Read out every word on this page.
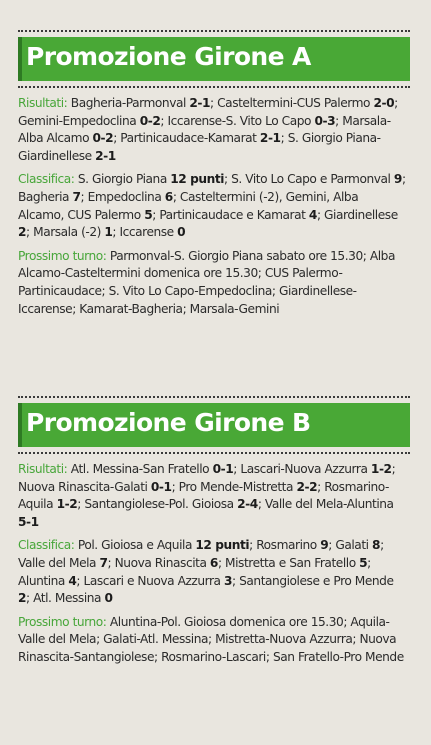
Promozione Girone A

Risultati: Bagheria-Parmonval 2-1; Casteltermini-CUS Palermo 2-0; Gemini-Empedoclina 0-2; Iccarense-S. Vito Lo Capo 0-3; Marsala-Alba Alcamo 0-2; Partinicaudace-Kamarat 2-1; S. Giorgio Piana-Giardinellese 2-1

Classifica: S. Giorgio Piana 12 punti; S. Vito Lo Capo e Parmonval 9; Bagheria 7; Empedoclina 6; Casteltermini (-2), Gemini, Alba Alcamo, CUS Palermo 5; Partinicaudace e Kamarat 4; Giardinellese 2; Marsala (-2) 1; Iccarense 0

Prossimo turno: Parmonval-S. Giorgio Piana sabato ore 15.30; Alba Alcamo-Casteltermini domenica ore 15.30; CUS Palermo-Partinicaudace; S. Vito Lo Capo-Empedoclina; Giardinellese-Iccarense; Kamarat-Bagheria; Marsala-Gemini

Promozione Girone B

Risultati: Atl. Messina-San Fratello 0-1; Lascari-Nuova Azzurra 1-2; Nuova Rinascita-Galati 0-1; Pro Mende-Mistretta 2-2; Rosmarino-Aquila 1-2; Santangiolese-Pol. Gioiosa 2-4; Valle del Mela-Aluntina 5-1

Classifica: Pol. Gioiosa e Aquila 12 punti; Rosmarino 9; Galati 8; Valle del Mela 7; Nuova Rinascita 6; Mistretta e San Fratello 5; Aluntina 4; Lascari e Nuova Azzurra 3; Santangiolese e Pro Mende 2; Atl. Messina 0

Prossimo turno: Aluntina-Pol. Gioiosa domenica ore 15.30; Aquila-Valle del Mela; Galati-Atl. Messina; Mistretta-Nuova Azzurra; Nuova Rinascita-Santangiolese; Rosmarino-Lascari; San Fratello-Pro Mende
